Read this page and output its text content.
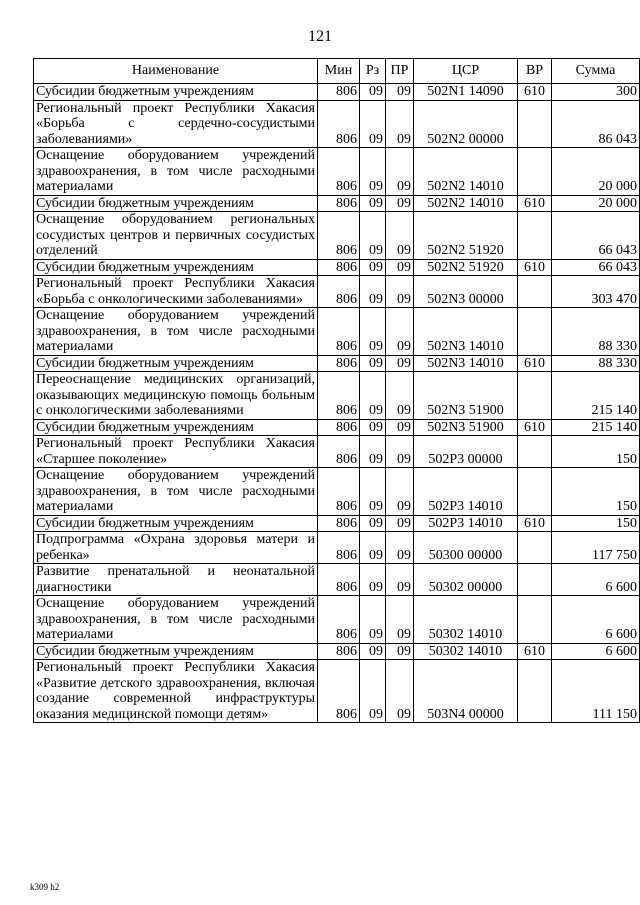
121
Наименование	Мин	Рз	ПР	ЦСР	ВР	Сумма
Субсидии бюджетным учреждениям	806	09	09	502N1 14090	610	300
Региональный проект Республики Хакасия «Борьба с сердечно-сосудистыми заболеваниями»	806	09	09	502N2 00000		86 043
Оснащение оборудованием учреждений здравоохранения, в том числе расходными материалами	806	09	09	502N2 14010		20 000
Субсидии бюджетным учреждениям	806	09	09	502N2 14010	610	20 000
Оснащение оборудованием региональных сосудистых центров и первичных сосудистых отделений	806	09	09	502N2 51920		66 043
Субсидии бюджетным учреждениям	806	09	09	502N2 51920	610	66 043
Региональный проект Республики Хакасия «Борьба с онкологическими заболеваниями»	806	09	09	502N3 00000		303 470
Оснащение оборудованием учреждений здравоохранения, в том числе расходными материалами	806	09	09	502N3 14010		88 330
Субсидии бюджетным учреждениям	806	09	09	502N3 14010	610	88 330
Переоснащение медицинских организаций, оказывающих медицинскую помощь больным с онкологическими заболеваниями	806	09	09	502N3 51900		215 140
Субсидии бюджетным учреждениям	806	09	09	502N3 51900	610	215 140
Региональный проект Республики Хакасия «Старшее поколение»	806	09	09	502P3 00000		150
Оснащение оборудованием учреждений здравоохранения, в том числе расходными материалами	806	09	09	502P3 14010		150
Субсидии бюджетным учреждениям	806	09	09	502P3 14010	610	150
Подпрограмма «Охрана здоровья матери и ребенка»	806	09	09	50300 00000		117 750
Развитие пренатальной и неонатальной диагностики	806	09	09	50302 00000		6 600
Оснащение оборудованием учреждений здравоохранения, в том числе расходными материалами	806	09	09	50302 14010		6 600
Субсидии бюджетным учреждениям	806	09	09	50302 14010	610	6 600
Региональный проект Республики Хакасия «Развитие детского здравоохранения, включая создание современной инфраструктуры оказания медицинской помощи детям»	806	09	09	503N4 00000		111 150
k309 h2
